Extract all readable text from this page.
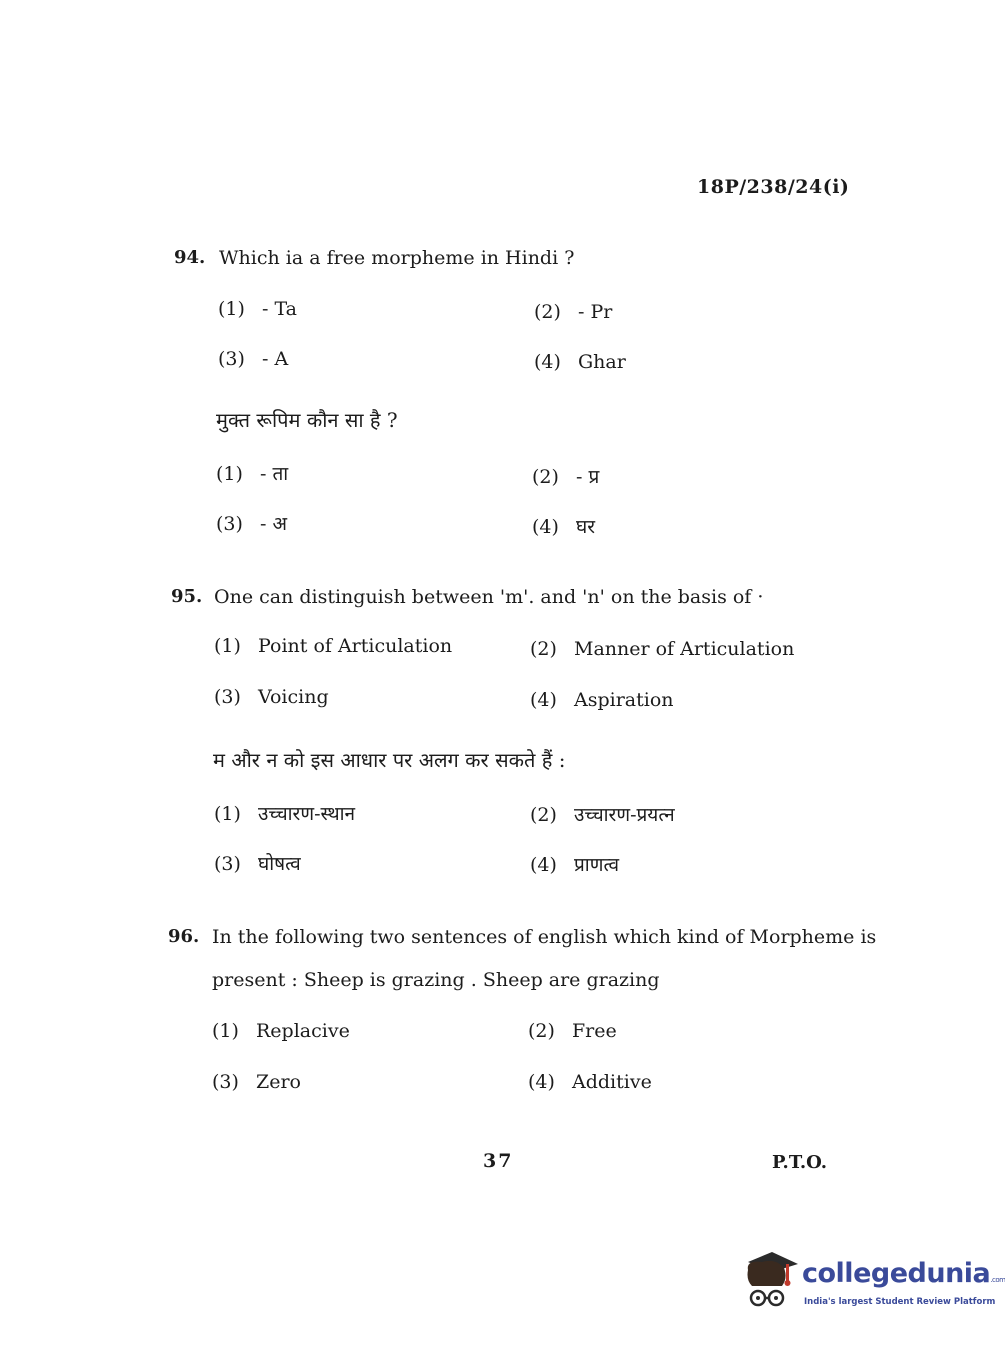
18P/238/24(i)
94. Which ia a free morpheme in Hindi ?
(1) - Ta	(2) - Pr
(3) - A	(4) Ghar
मुक्त रूपिम कौन सा है ?
(1) - ता	(2) - प्र
(3) - अ	(4) घर
95. One can distinguish between 'm'. and 'n' on the basis of ·
(1) Point of Articulation	(2) Manner of Articulation
(3) Voicing	(4) Aspiration
म और न को इस आधार पर अलग कर सकते हैं :
(1) उच्चारण-स्थान	(2) उच्चारण-प्रयत्न
(3) घोषत्व	(4) प्राणत्व
96. In the following two sentences of english which kind of Morpheme is
present : Sheep is grazing . Sheep are grazing
(1) Replacive	(2) Free
(3) Zero	(4) Additive
37	P.T.O.
collegedunia.com
India's largest Student Review Platform
